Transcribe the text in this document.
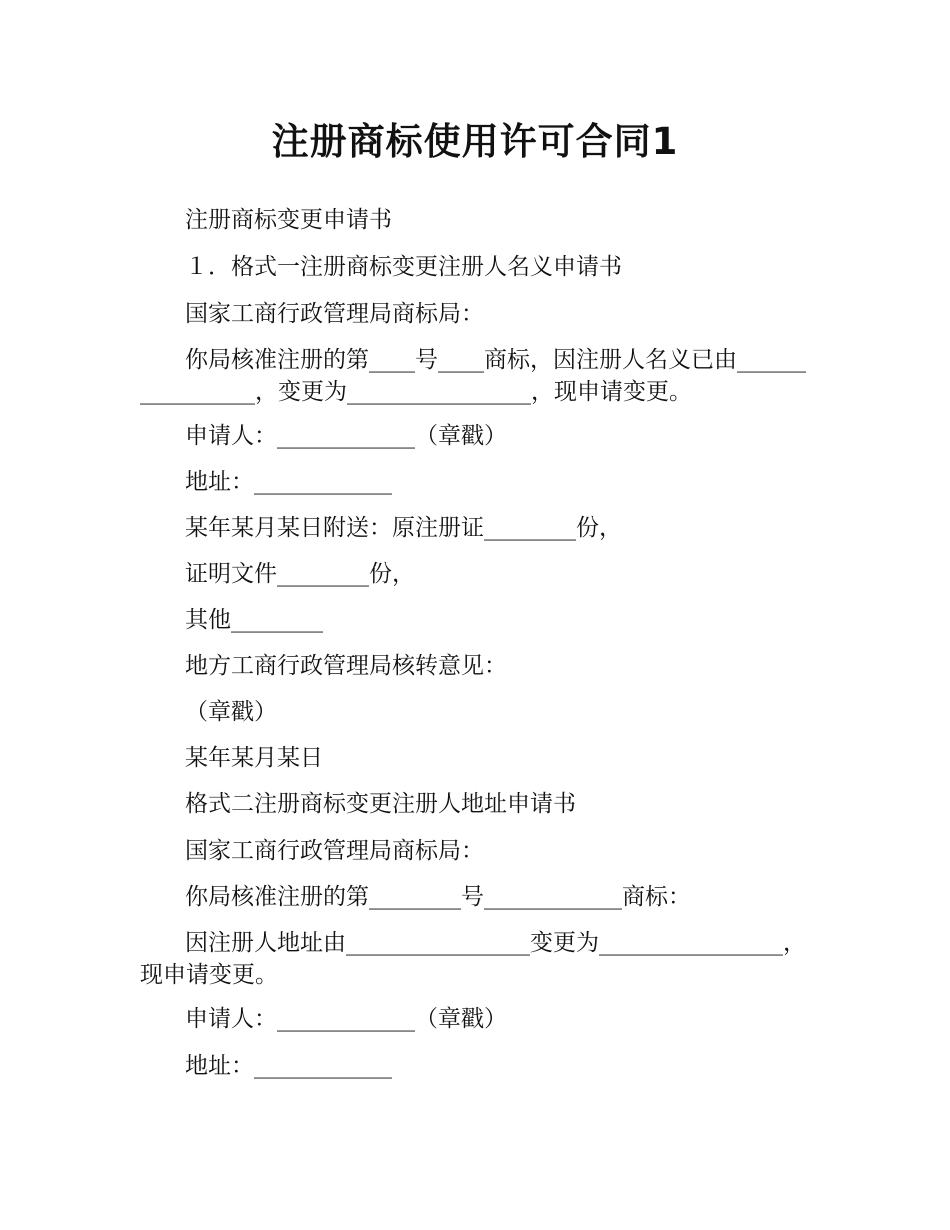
注册商标使用许可合同1

注册商标变更申请书

１．格式一注册商标变更注册人名义申请书

国家工商行政管理局商标局：

你局核准注册的第____号____商标，因注册人名义已由________________，变更为________________，现申请变更。

申请人：____________（章戳）

地址：____________

某年某月某日附送：原注册证________份，

证明文件________份，

其他________

地方工商行政管理局核转意见：

（章戳）

某年某月某日

格式二注册商标变更注册人地址申请书

国家工商行政管理局商标局：

你局核准注册的第________号____________商标：

因注册人地址由________________变更为________________，现申请变更。

申请人：____________（章戳）

地址：____________
